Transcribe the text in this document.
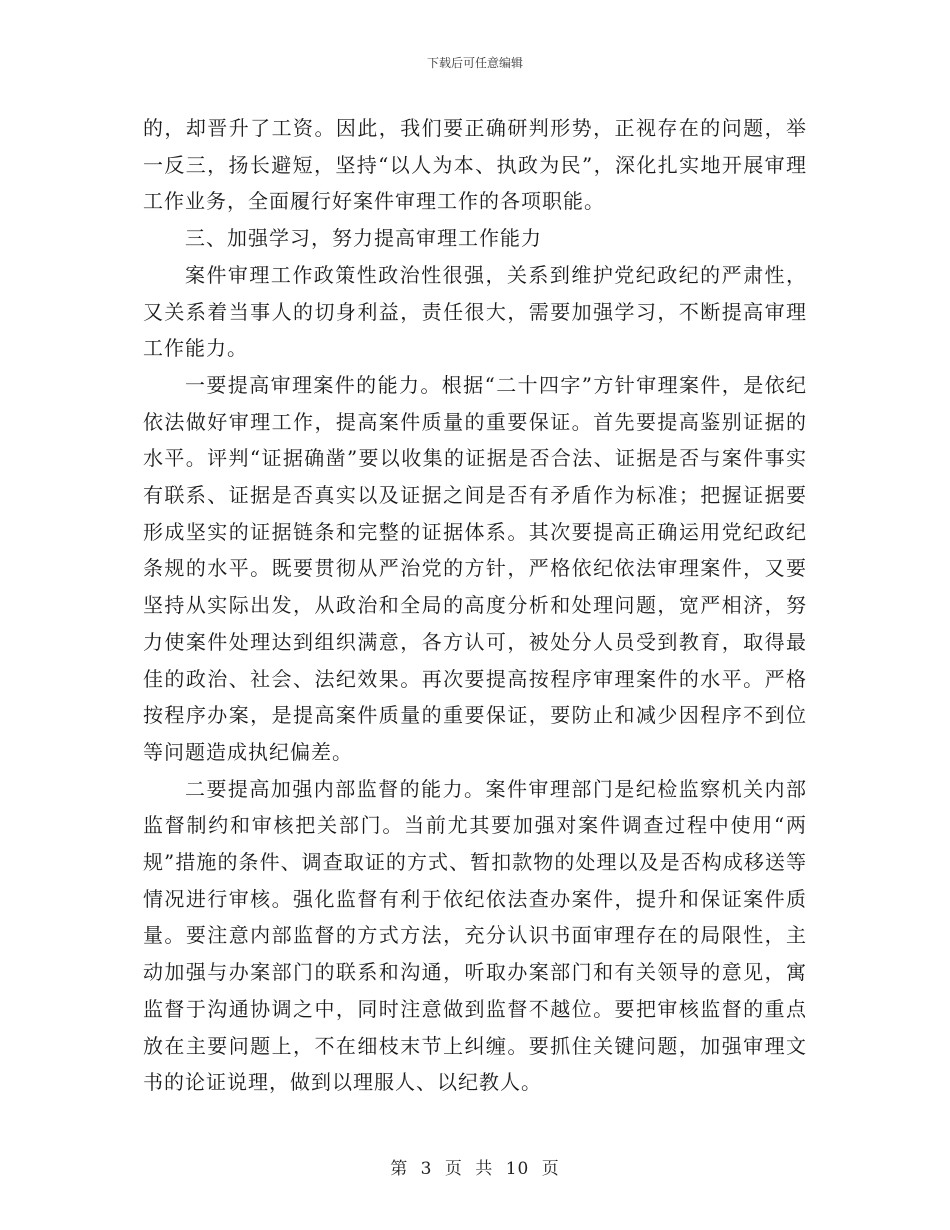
下载后可任意编辑

的，却晋升了工资。因此，我们要正确研判形势，正视存在的问题，举一反三，扬长避短，坚持“以人为本、执政为民”，深化扎实地开展审理工作业务，全面履行好案件审理工作的各项职能。

三、加强学习，努力提高审理工作能力

案件审理工作政策性政治性很强，关系到维护党纪政纪的严肃性，又关系着当事人的切身利益，责任很大，需要加强学习，不断提高审理工作能力。

一要提高审理案件的能力。根据“二十四字”方针审理案件，是依纪依法做好审理工作，提高案件质量的重要保证。首先要提高鉴别证据的水平。评判“证据确凿”要以收集的证据是否合法、证据是否与案件事实有联系、证据是否真实以及证据之间是否有矛盾作为标准；把握证据要形成坚实的证据链条和完整的证据体系。其次要提高正确运用党纪政纪条规的水平。既要贯彻从严治党的方针，严格依纪依法审理案件，又要坚持从实际出发，从政治和全局的高度分析和处理问题，宽严相济，努力使案件处理达到组织满意，各方认可，被处分人员受到教育，取得最佳的政治、社会、法纪效果。再次要提高按程序审理案件的水平。严格按程序办案，是提高案件质量的重要保证，要防止和减少因程序不到位等问题造成执纪偏差。

二要提高加强内部监督的能力。案件审理部门是纪检监察机关内部监督制约和审核把关部门。当前尤其要加强对案件调查过程中使用“两规”措施的条件、调查取证的方式、暂扣款物的处理以及是否构成移送等情况进行审核。强化监督有利于依纪依法查办案件，提升和保证案件质量。要注意内部监督的方式方法，充分认识书面审理存在的局限性，主动加强与办案部门的联系和沟通，听取办案部门和有关领导的意见，寓监督于沟通协调之中，同时注意做到监督不越位。要把审核监督的重点放在主要问题上，不在细枝末节上纠缠。要抓住关键问题，加强审理文书的论证说理，做到以理服人、以纪教人。

第 3 页 共 10 页
